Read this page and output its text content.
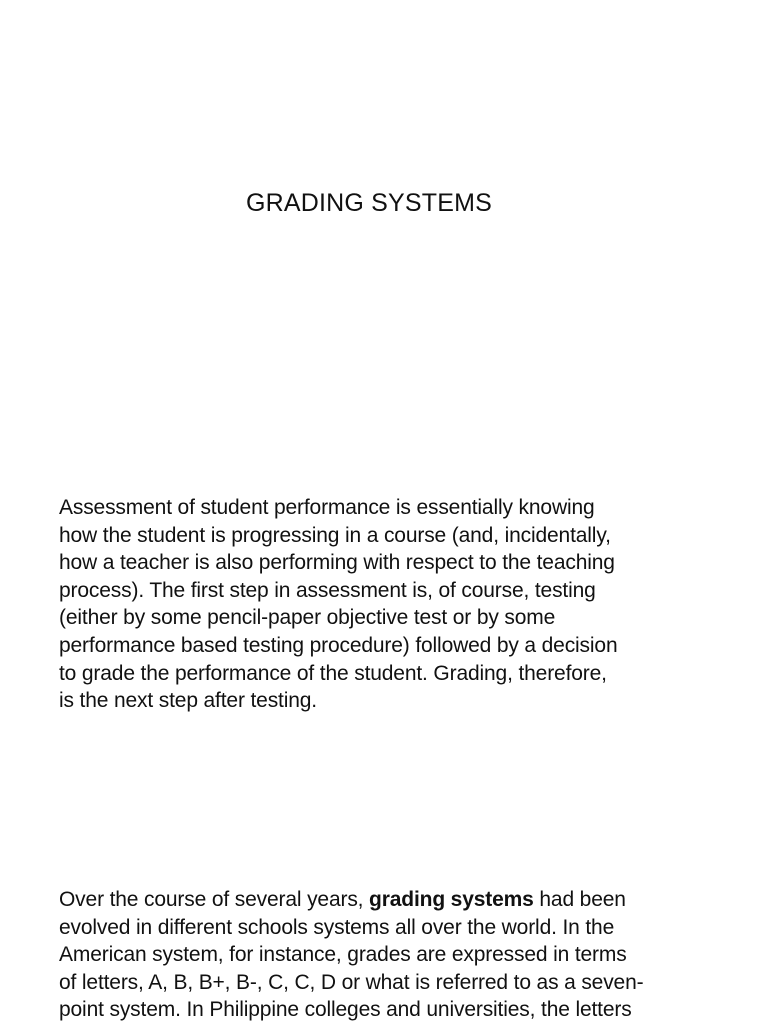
GRADING SYSTEMS

Assessment of student performance is essentially knowing
how the student is progressing in a course (and, incidentally,
how a teacher is also performing with respect to the teaching
process). The first step in assessment is, of course, testing
(either by some pencil-paper objective test or by some
performance based testing procedure) followed by a decision
to grade the performance of the student. Grading, therefore,
is the next step after testing.

Over the course of several years, grading systems had been
evolved in different schools systems all over the world. In the
American system, for instance, grades are expressed in terms
of letters, A, B, B+, B-, C, C, D or what is referred to as a seven-
point system. In Philippine colleges and universities, the letters
